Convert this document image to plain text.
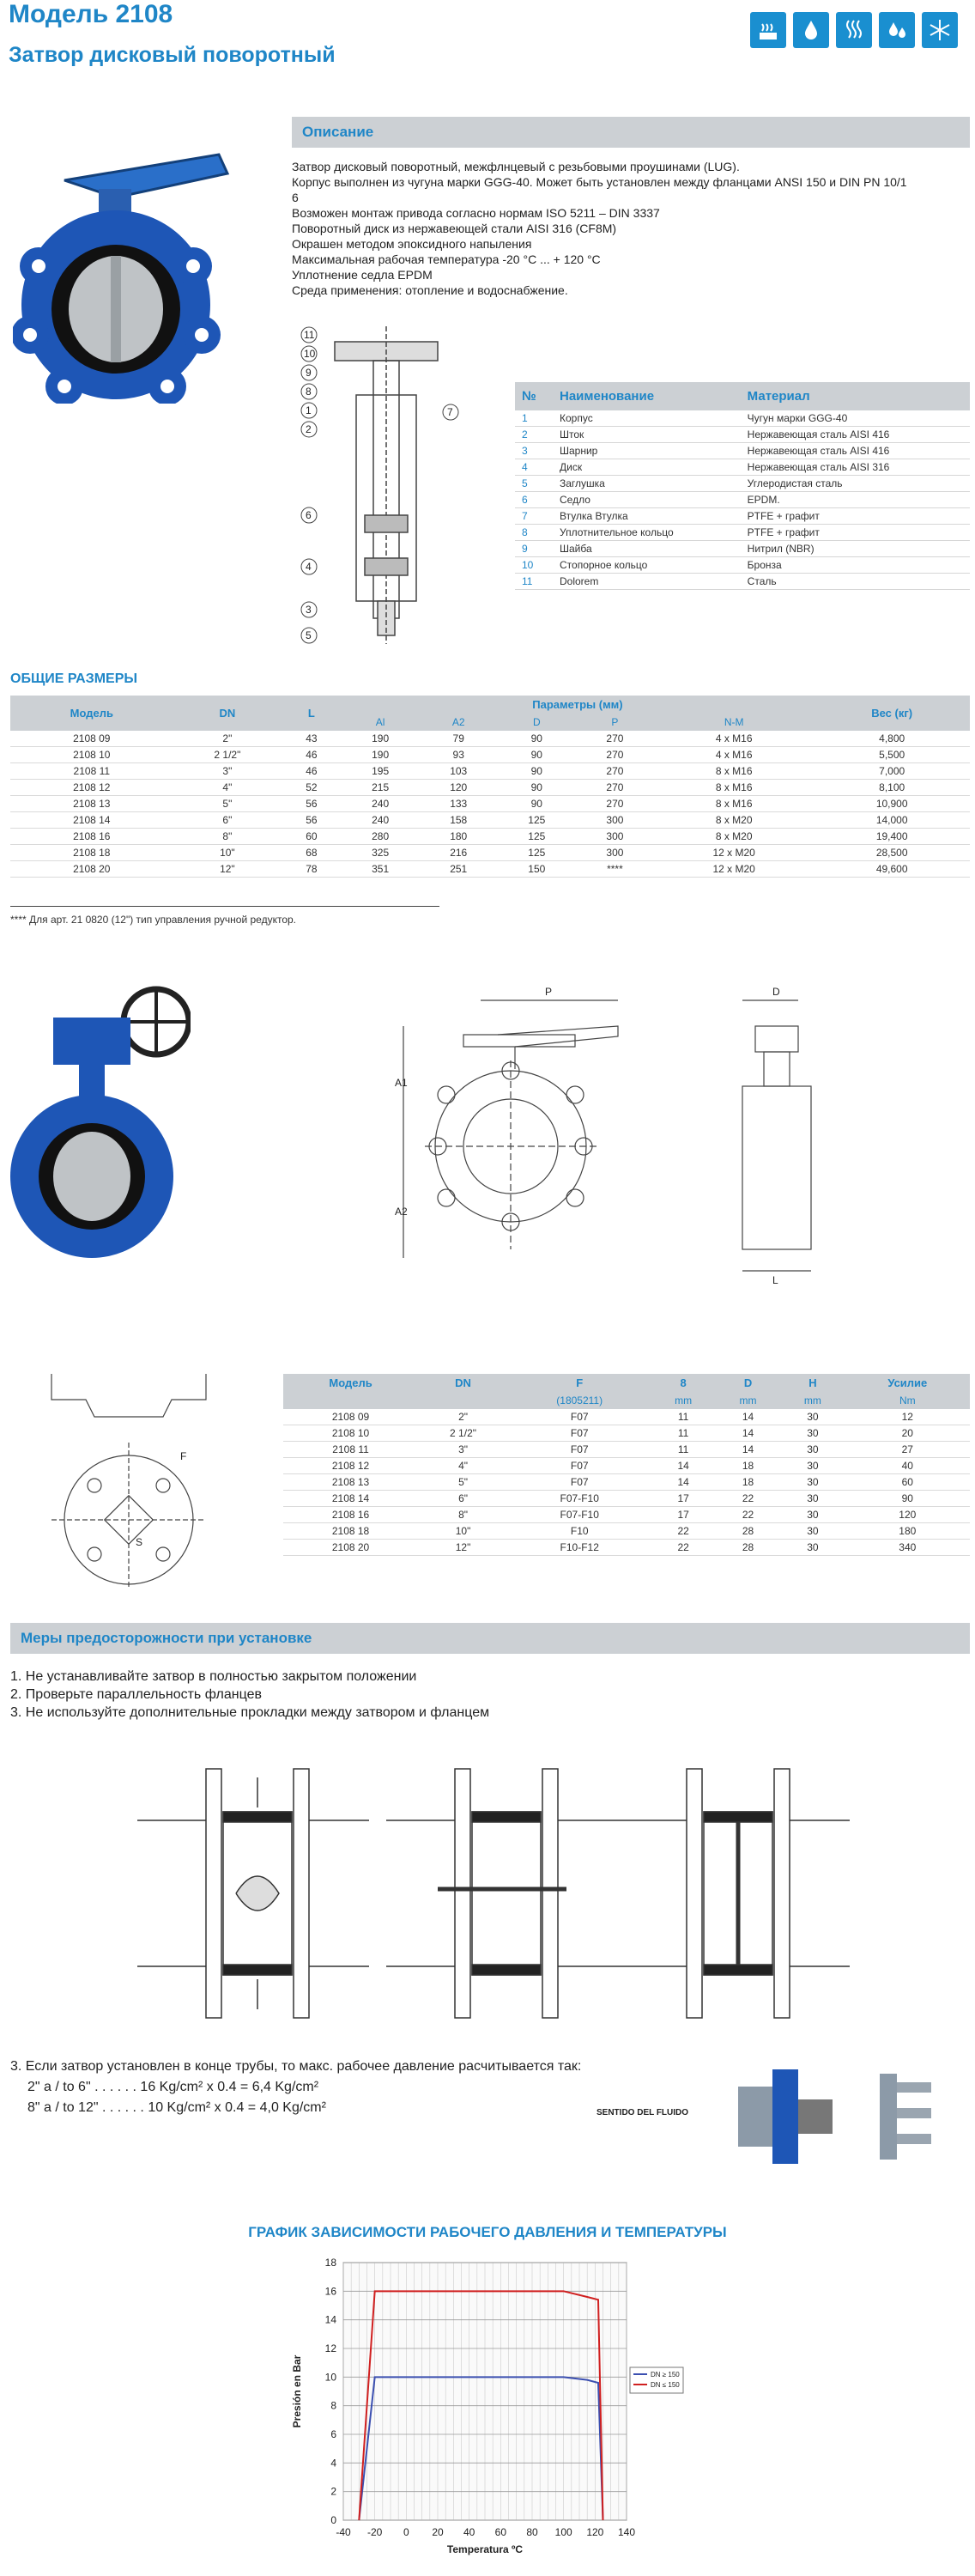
Модель 2108
Затвор дисковый поворотный
Описание
Затвор дисковый поворотный, межфлнцевый с резьбовыми проушинами (LUG).
Корпус выполнен из чугуна марки GGG-40. Может быть установлен между фланцами ANSI 150 и DIN PN 10/1
6
Возможен монтаж привода согласно нормам ISO 5211 – DIN 3337
Поворотный диск из нержавеющей стали AISI 316 (CF8M)
Окрашен методом эпоксидного напыления
Максимальная рабочая температура -20 °C ... + 120 °C
Уплотнение седла EPDM
Среда применения: отопление и водоснабжение.
11
10
9
8
1
2
7
6
4
3
5
№	Наименование	Материал
1	Корпус	Чугун марки GGG-40
2	Шток	Нержавеющая сталь AISI 416
3	Шарнир	Нержавеющая сталь AISI 416
4	Диск	Нержавеющая сталь AISI 316
5	Заглушка	Углеродистая сталь
6	Седло	EPDM.
7	Втулка Втулка	PTFE + графит
8	Уплотнительное кольцо	PTFE + графит
9	Шайба	Нитрил (NBR)
10	Стопорное кольцо	Бронза
11	Dolorem	Сталь
ОБЩИЕ РАЗМЕРЫ
Модель	DN	L	Параметры (мм)					Вес (кг)
			Al	A2	D	P	N-M	
2108 09	2"	43	190	79	90	270	4 x M16	4,800
2108 10	2 1/2"	46	190	93	90	270	4 x M16	5,500
2108 11	3"	46	195	103	90	270	8 x M16	7,000
2108 12	4"	52	215	120	90	270	8 x M16	8,100
2108 13	5"	56	240	133	90	270	8 x M16	10,900
2108 14	6"	56	240	158	125	300	8 x M20	14,000
2108 16	8"	60	280	180	125	300	8 x M20	19,400
2108 18	10"	68	325	216	125	300	12 x M20	28,500
2108 20	12"	78	351	251	150	****	12 x M20	49,600
**** Для арт. 21 0820 (12") тип управления ручной редуктор.
P	D
A1
A2
L
F
S
Модель	DN	F	8	D	H	Усилие
		(1805211)	mm	mm	mm	Nm
2108 09	2"	F07	11	14	30	12
2108 10	2 1/2"	F07	11	14	30	20
2108 11	3"	F07	11	14	30	27
2108 12	4"	F07	14	18	30	40
2108 13	5"	F07	14	18	30	60
2108 14	6"	F07-F10	17	22	30	90
2108 16	8"	F07-F10	17	22	30	120
2108 18	10"	F10	22	28	30	180
2108 20	12"	F10-F12	22	28	30	340
Меры предосторожности при установке
1. Не устанавливайте затвор в полностью закрытом положении
2. Проверьте параллельность фланцев
3. Не используйте дополнительные прокладки между затвором и фланцем
3. Если затвор установлен в конце трубы, то макс. рабочее давление расчитывается так:
2" a / to 6" . . . . . . 16 Kg/cm² x 0.4 = 6,4 Kg/cm²
8" a / to 12" . . . . . . 10 Kg/cm² x 0.4 = 4,0 Kg/cm²	SENTIDO DEL FLUIDO
ГРАФИК ЗАВИСИМОСТИ РАБОЧЕГО ДАВЛЕНИЯ И ТЕМПЕРАТУРЫ
0
2
4
6
8
10
12
14
16
18
-40 -20 0 20 40 60 80 100 120 140
Temperatura ºC
Presión en Bar	DN ≥ 150
DN ≤ 150
